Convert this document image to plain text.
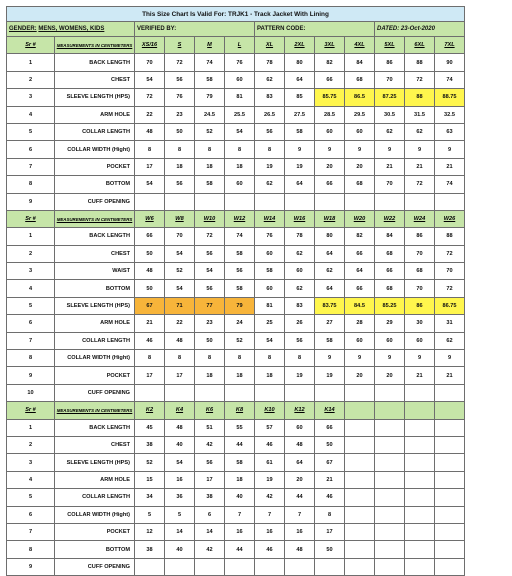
This Size Chart Is Valid For: TRJK1 - Track Jacket With Lining												
GENDER: MENS, WOMENS, KIDS		VERIFIED BY:				PATTERN CODE:				DATED: 23-Oct-2020		
Sr #	MEASUREMENTS IN CENTIMETERS	XS/16	S	M	L	XL	2XL	3XL	4XL	5XL	6XL	7XL
1	BACK LENGTH	70	72	74	76	78	80	82	84	86	88	90
2	CHEST	54	56	58	60	62	64	66	68	70	72	74
3	SLEEVE LENGTH (HPS)	72	76	79	81	83	85	85.75	86.5	87.25	88	88.75
4	ARM HOLE	22	23	24.5	25.5	26.5	27.5	28.5	29.5	30.5	31.5	32.5
5	COLLAR LENGTH	48	50	52	54	56	58	60	60	62	62	63
6	COLLAR WIDTH (Hight)	8	8	8	8	8	9	9	9	9	9	9
7	POCKET	17	18	18	18	19	19	20	20	21	21	21
8	BOTTOM	54	56	58	60	62	64	66	68	70	72	74
9	CUFF OPENING											
Sr #	MEASUREMENTS IN CENTIMETERS	W6	W8	W10	W12	W14	W16	W18	W20	W22	W24	W26
1	BACK LENGTH	66	70	72	74	76	78	80	82	84	86	88
2	CHEST	50	54	56	58	60	62	64	66	68	70	72
3	WAIST	48	52	54	56	58	60	62	64	66	68	70
4	BOTTOM	50	54	56	58	60	62	64	66	68	70	72
5	SLEEVE LENGTH (HPS)	67	71	77	79	81	83	83.75	84.5	85.25	86	86.75
6	ARM HOLE	21	22	23	24	25	26	27	28	29	30	31
7	COLLAR LENGTH	46	48	50	52	54	56	58	60	60	60	62
8	COLLAR WIDTH (Hight)	8	8	8	8	8	8	9	9	9	9	9
9	POCKET	17	17	18	18	18	19	19	20	20	21	21
10	CUFF OPENING											
Sr #	MEASUREMENTS IN CENTIMETERS	K2	K4	K6	K8	K10	K12	K14				
1	BACK LENGTH	45	48	51	55	57	60	66				
2	CHEST	38	40	42	44	46	48	50				
3	SLEEVE LENGTH (HPS)	52	54	56	58	61	64	67				
4	ARM HOLE	15	16	17	18	19	20	21				
5	COLLAR LENGTH	34	36	38	40	42	44	46				
6	COLLAR WIDTH (Hight)	5	5	6	7	7	7	8				
7	POCKET	12	14	14	16	16	16	17				
8	BOTTOM	38	40	42	44	46	48	50				
9	CUFF OPENING											
